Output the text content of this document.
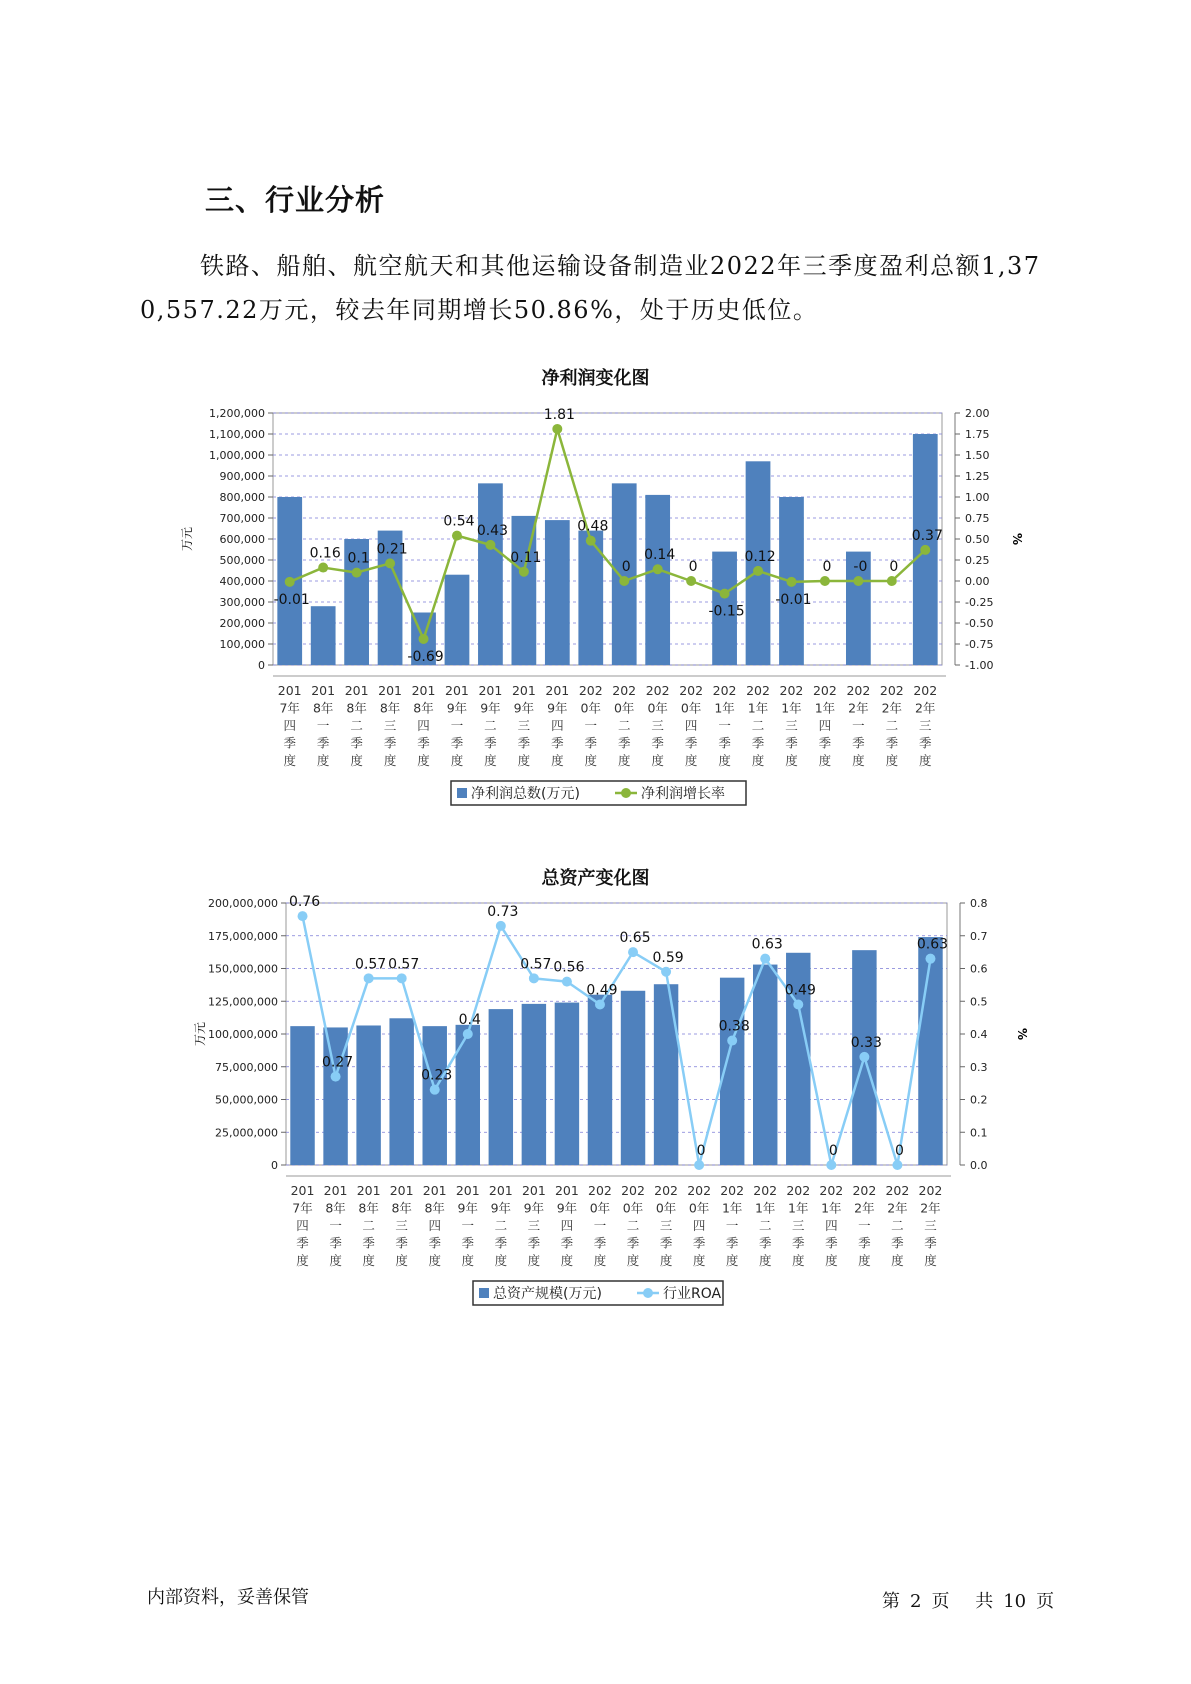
三、行业分析
铁路、船舶、航空航天和其他运输设备制造业2022年三季度盈利总额1,370,557.22万元，较去年同期增长50.86%，处于历史低位。
净利润变化图
0
100,000
200,000
300,000
400,000
500,000
600,000
700,000
800,000
900,000
1,000,000
1,100,000
1,200,000
-1.00
-0.75
-0.50
-0.25
0.00
0.25
0.50
0.75
1.00
1.25
1.50
1.75
2.00
万元	%
-0.01
0.16 0.1
0.21
-0.69
0.54
0.43
0.11
1.81
0.48
0
0.14
0
-0.15
0.12
-0.01
0 -0 0
0.37
201
7年
四
季
度
201
8年
一
季
度
201
8年
二
季
度
201
8年
三
季
度
201
8年
四
季
度
201
9年
一
季
度
201
9年
二
季
度
201
9年
三
季
度
201
9年
四
季
度
202
0年
一
季
度
202
0年
二
季
度
202
0年
三
季
度
202
0年
四
季
度
202
1年
一
季
度
202
1年
二
季
度
202
1年
三
季
度
202
1年
四
季
度
202
2年
一
季
度
202
2年
二
季
度
202
2年
三
季
度
净利润总数(万元)	净利润增长率
总资产变化图
0
25,000,000
50,000,000
75,000,000
100,000,000
125,000,000
150,000,000
175,000,000
200,000,000
0.0
0.1
0.2
0.3
0.4
0.5
0.6
0.7
0.8
万元	%
0.76
0.27
0.57 0.57
0.23
0.4
0.73
0.57 0.56
0.49
0.65
0.59
0
0.38
0.63
0.49
0
0.33
0
0.63
201
7年
四
季
度
201
8年
一
季
度
201
8年
二
季
度
201
8年
三
季
度
201
8年
四
季
度
201
9年
一
季
度
201
9年
二
季
度
201
9年
三
季
度
201
9年
四
季
度
202
0年
一
季
度
202
0年
二
季
度
202
0年
三
季
度
202
0年
四
季
度
202
1年
一
季
度
202
1年
二
季
度
202
1年
三
季
度
202
1年
四
季
度
202
2年
一
季
度
202
2年
二
季
度
202
2年
三
季
度
总资产规模(万元)	行业ROA
内部资料，妥善保管	第 2 页 共 10 页
